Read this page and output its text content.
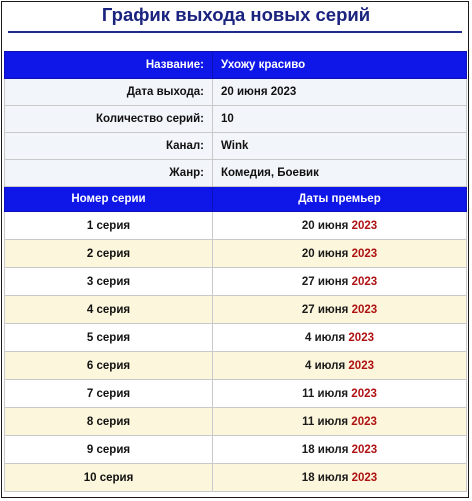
График выхода новых серий
Название:	Ухожу красиво
Дата выхода:	20 июня 2023
Количество серий:	10
Канал:	Wink
Жанр:	Комедия, Боевик
Номер серии	Даты премьер
1 серия	20 июня 2023
2 серия	20 июня 2023
3 серия	27 июня 2023
4 серия	27 июня 2023
5 серия	4 июля 2023
6 серия	4 июля 2023
7 серия	11 июля 2023
8 серия	11 июля 2023
9 серия	18 июля 2023
10 серия	18 июля 2023
